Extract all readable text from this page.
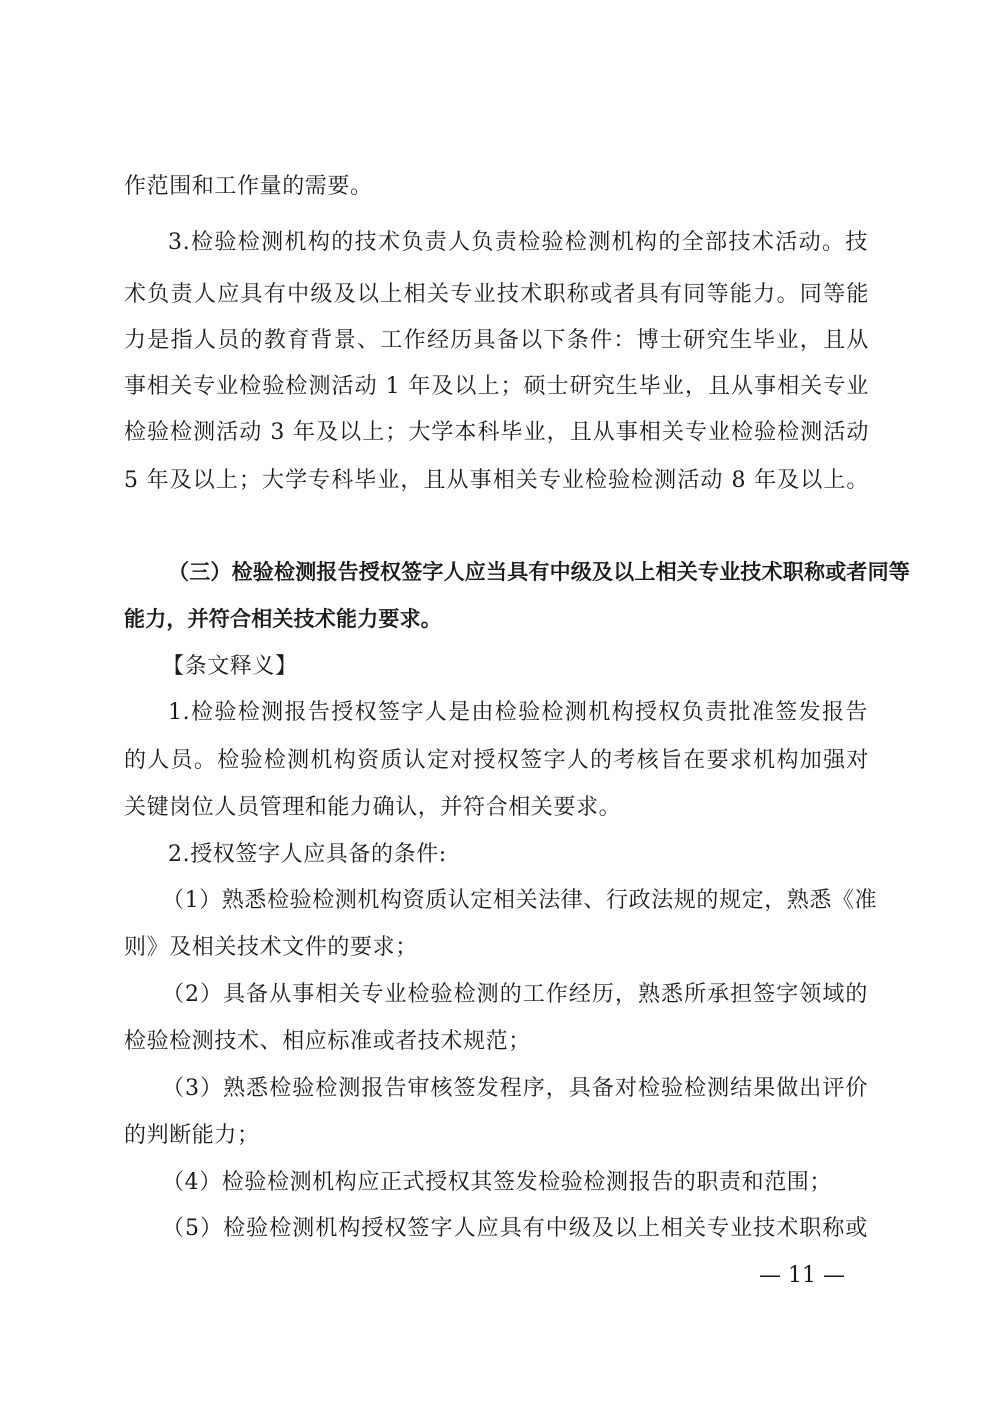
作范围和工作量的需要。
3.检验检测机构的技术负责人负责检验检测机构的全部技术活动。技
术负责人应具有中级及以上相关专业技术职称或者具有同等能力。同等能
力是指人员的教育背景、工作经历具备以下条件：博士研究生毕业，且从
事相关专业检验检测活动 1 年及以上；硕士研究生毕业，且从事相关专业
检验检测活动 3 年及以上；大学本科毕业，且从事相关专业检验检测活动
5 年及以上；大学专科毕业，且从事相关专业检验检测活动 8 年及以上。
（三）检验检测报告授权签字人应当具有中级及以上相关专业技术职称或者同等
能力，并符合相关技术能力要求。
【条文释义】
1.检验检测报告授权签字人是由检验检测机构授权负责批准签发报告
的人员。检验检测机构资质认定对授权签字人的考核旨在要求机构加强对
关键岗位人员管理和能力确认，并符合相关要求。
2.授权签字人应具备的条件:
（1）熟悉检验检测机构资质认定相关法律、行政法规的规定，熟悉《准
则》及相关技术文件的要求；
（2）具备从事相关专业检验检测的工作经历，熟悉所承担签字领域的
检验检测技术、相应标准或者技术规范；
（3）熟悉检验检测报告审核签发程序，具备对检验检测结果做出评价
的判断能力；
（4）检验检测机构应正式授权其签发检验检测报告的职责和范围；
（5）检验检测机构授权签字人应具有中级及以上相关专业技术职称或
— 11 —
